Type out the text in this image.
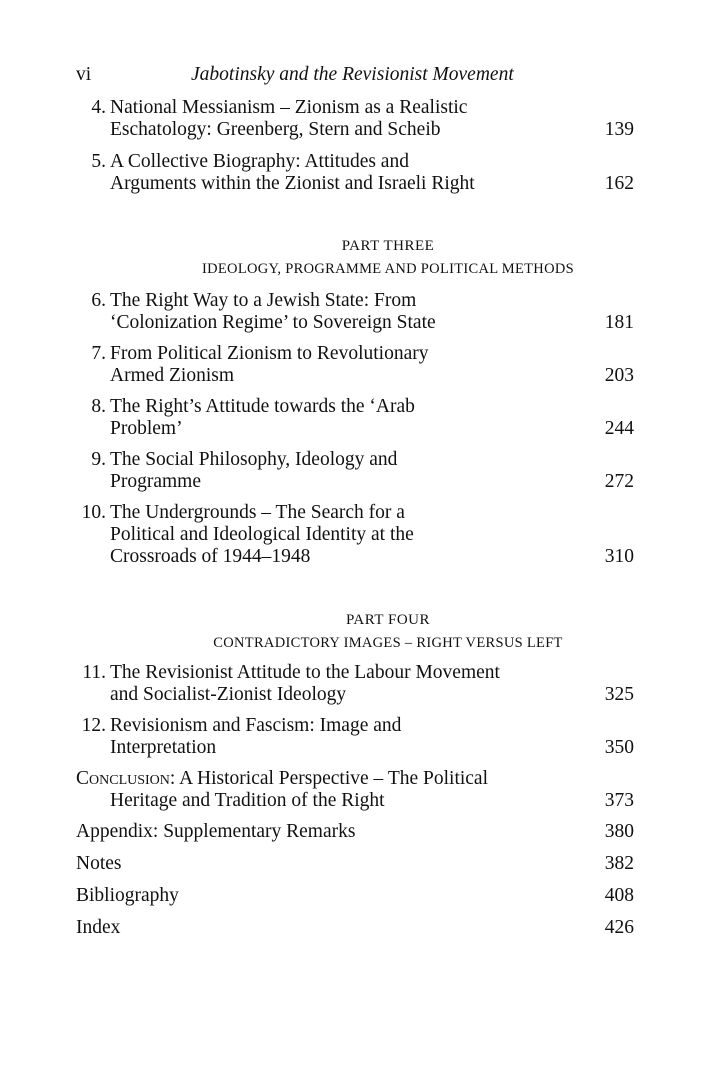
vi	Jabotinsky and the Revisionist Movement
4. National Messianism – Zionism as a Realistic
Eschatology: Greenberg, Stern and Scheib	139
5. A Collective Biography: Attitudes and
Arguments within the Zionist and Israeli Right	162
PART THREE
IDEOLOGY, PROGRAMME AND POLITICAL METHODS
6. The Right Way to a Jewish State: From
‘Colonization Regime’ to Sovereign State	181
7. From Political Zionism to Revolutionary
Armed Zionism	203
8. The Right’s Attitude towards the ‘Arab
Problem’	244
9. The Social Philosophy, Ideology and
Programme	272
10. The Undergrounds – The Search for a
Political and Ideological Identity at the
Crossroads of 1944–1948	310
PART FOUR
CONTRADICTORY IMAGES – RIGHT VERSUS LEFT
11. The Revisionist Attitude to the Labour Movement
and Socialist-Zionist Ideology	325
12. Revisionism and Fascism: Image and
Interpretation	350
Conclusion: A Historical Perspective – The Political
Heritage and Tradition of the Right	373
Appendix: Supplementary Remarks	380
Notes	382
Bibliography	408
Index	426
